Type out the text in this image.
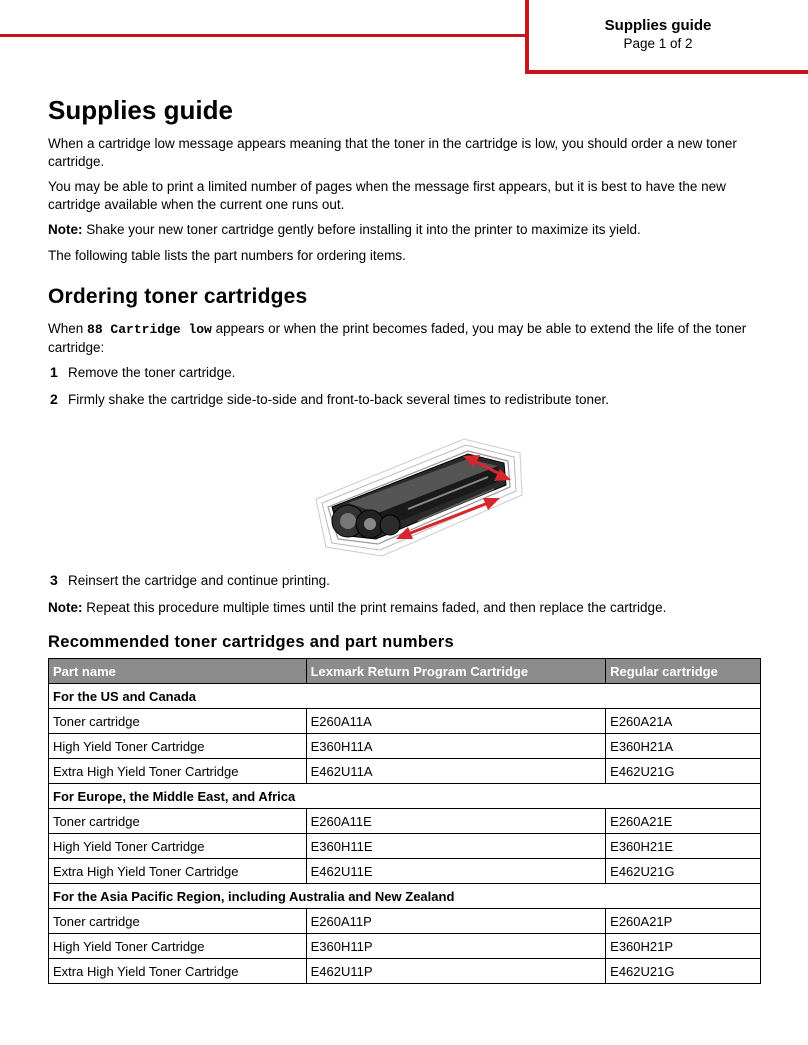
Supplies guide
Page 1 of 2
Supplies guide

When a cartridge low message appears meaning that the toner in the cartridge is low, you should order a new toner cartridge.

You may be able to print a limited number of pages when the message first appears, but it is best to have the new cartridge available when the current one runs out.

Note: Shake your new toner cartridge gently before installing it into the printer to maximize its yield.

The following table lists the part numbers for ordering items.

Ordering toner cartridges

When 88 Cartridge low appears or when the print becomes faded, you may be able to extend the life of the toner cartridge:

1 Remove the toner cartridge.
2 Firmly shake the cartridge side-to-side and front-to-back several times to redistribute toner.
3 Reinsert the cartridge and continue printing.

Note: Repeat this procedure multiple times until the print remains faded, and then replace the cartridge.

Recommended toner cartridges and part numbers
Part name	Lexmark Return Program Cartridge	Regular cartridge
For the US and Canada		
Toner cartridge	E260A11A	E260A21A
High Yield Toner Cartridge	E360H11A	E360H21A
Extra High Yield Toner Cartridge	E462U11A	E462U21G
For Europe, the Middle East, and Africa		
Toner cartridge	E260A11E	E260A21E
High Yield Toner Cartridge	E360H11E	E360H21E
Extra High Yield Toner Cartridge	E462U11E	E462U21G
For the Asia Pacific Region, including Australia and New Zealand		
Toner cartridge	E260A11P	E260A21P
High Yield Toner Cartridge	E360H11P	E360H21P
Extra High Yield Toner Cartridge	E462U11P	E462U21G
